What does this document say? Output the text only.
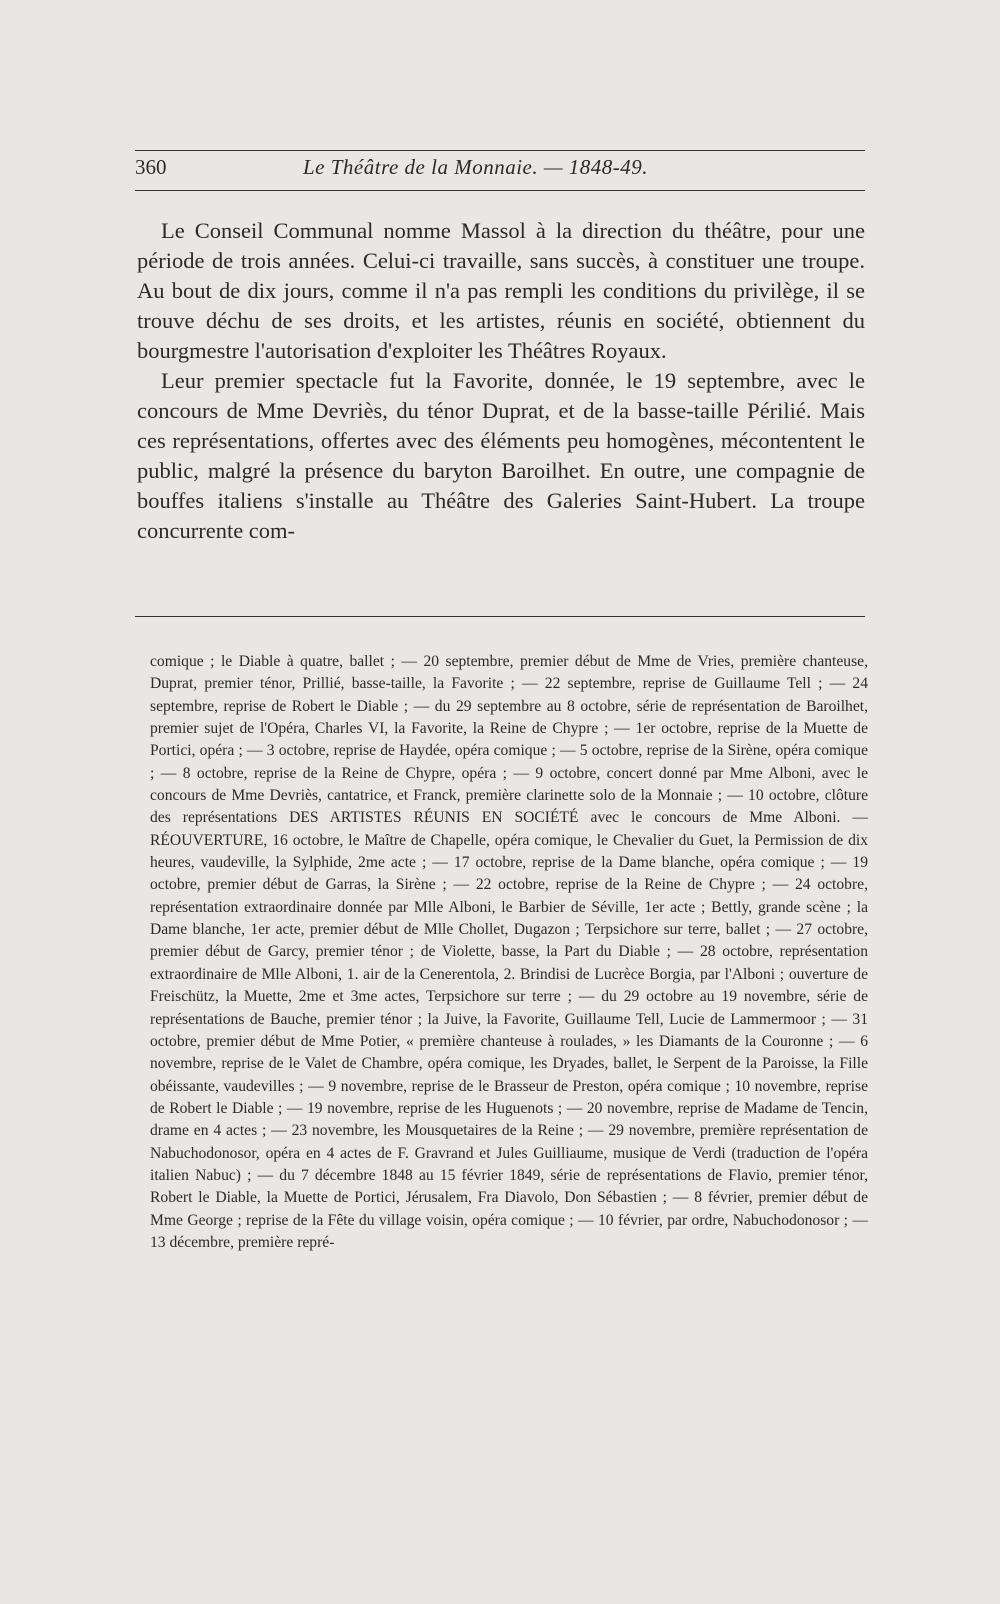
360	Le Théâtre de la Monnaie. — 1848-49.

Le Conseil Communal nomme Massol à la direction du théâtre, pour une période de trois années. Celui-ci travaille, sans succès, à constituer une troupe. Au bout de dix jours, comme il n'a pas rempli les conditions du privilège, il se trouve déchu de ses droits, et les artistes, réunis en société, obtiennent du bourgmestre l'autorisation d'exploiter les Théâtres Royaux.

Leur premier spectacle fut la Favorite, donnée, le 19 septembre, avec le concours de Mme Devriès, du ténor Duprat, et de la basse-taille Périlié. Mais ces représentations, offertes avec des éléments peu homogènes, mécontentent le public, malgré la présence du baryton Baroilhet. En outre, une compagnie de bouffes italiens s'installe au Théâtre des Galeries Saint-Hubert. La troupe concurrente com-

comique ; le Diable à quatre, ballet ; — 20 septembre, premier début de Mme de Vries, première chanteuse, Duprat, premier ténor, Prillié, basse-taille, la Favorite ; — 22 septembre, reprise de Guillaume Tell ; — 24 septembre, reprise de Robert le Diable ; — du 29 septembre au 8 octobre, série de représentation de Baroilhet, premier sujet de l'Opéra, Charles VI, la Favorite, la Reine de Chypre ; — 1er octobre, reprise de la Muette de Portici, opéra ; — 3 octobre, reprise de Haydée, opéra comique ; — 5 octobre, reprise de la Sirène, opéra comique ; — 8 octobre, reprise de la Reine de Chypre, opéra ; — 9 octobre, concert donné par Mme Alboni, avec le concours de Mme Devriès, cantatrice, et Franck, première clarinette solo de la Monnaie ; — 10 octobre, clôture des représentations DES ARTISTES RÉUNIS EN SOCIÉTÉ avec le concours de Mme Alboni. — RÉOUVERTURE, 16 octobre, le Maître de Chapelle, opéra comique, le Chevalier du Guet, la Permission de dix heures, vaudeville, la Sylphide, 2me acte ; — 17 octobre, reprise de la Dame blanche, opéra comique ; — 19 octobre, premier début de Garras, la Sirène ; — 22 octobre, reprise de la Reine de Chypre ; — 24 octobre, représentation extraordinaire donnée par Mlle Alboni, le Barbier de Séville, 1er acte ; Bettly, grande scène ; la Dame blanche, 1er acte, premier début de Mlle Chollet, Dugazon ; Terpsichore sur terre, ballet ; — 27 octobre, premier début de Garcy, premier ténor ; de Violette, basse, la Part du Diable ; — 28 octobre, représentation extraordinaire de Mlle Alboni, 1. air de la Cenerentola, 2. Brindisi de Lucrèce Borgia, par l'Alboni ; ouverture de Freischütz, la Muette, 2me et 3me actes, Terpsichore sur terre ; — du 29 octobre au 19 novembre, série de représentations de Bauche, premier ténor ; la Juive, la Favorite, Guillaume Tell, Lucie de Lammermoor ; — 31 octobre, premier début de Mme Potier, « première chanteuse à roulades, » les Diamants de la Couronne ; — 6 novembre, reprise de le Valet de Chambre, opéra comique, les Dryades, ballet, le Serpent de la Paroisse, la Fille obéissante, vaudevilles ; — 9 novembre, reprise de le Brasseur de Preston, opéra comique ; 10 novembre, reprise de Robert le Diable ; — 19 novembre, reprise de les Huguenots ; — 20 novembre, reprise de Madame de Tencin, drame en 4 actes ; — 23 novembre, les Mousquetaires de la Reine ; — 29 novembre, première représentation de Nabuchodonosor, opéra en 4 actes de F. Gravrand et Jules Guilliaume, musique de Verdi (traduction de l'opéra italien Nabuc) ; — du 7 décembre 1848 au 15 février 1849, série de représentations de Flavio, premier ténor, Robert le Diable, la Muette de Portici, Jérusalem, Fra Diavolo, Don Sébastien ; — 8 février, premier début de Mme George ; reprise de la Fête du village voisin, opéra comique ; — 10 février, par ordre, Nabuchodonosor ; — 13 décembre, première repré-
